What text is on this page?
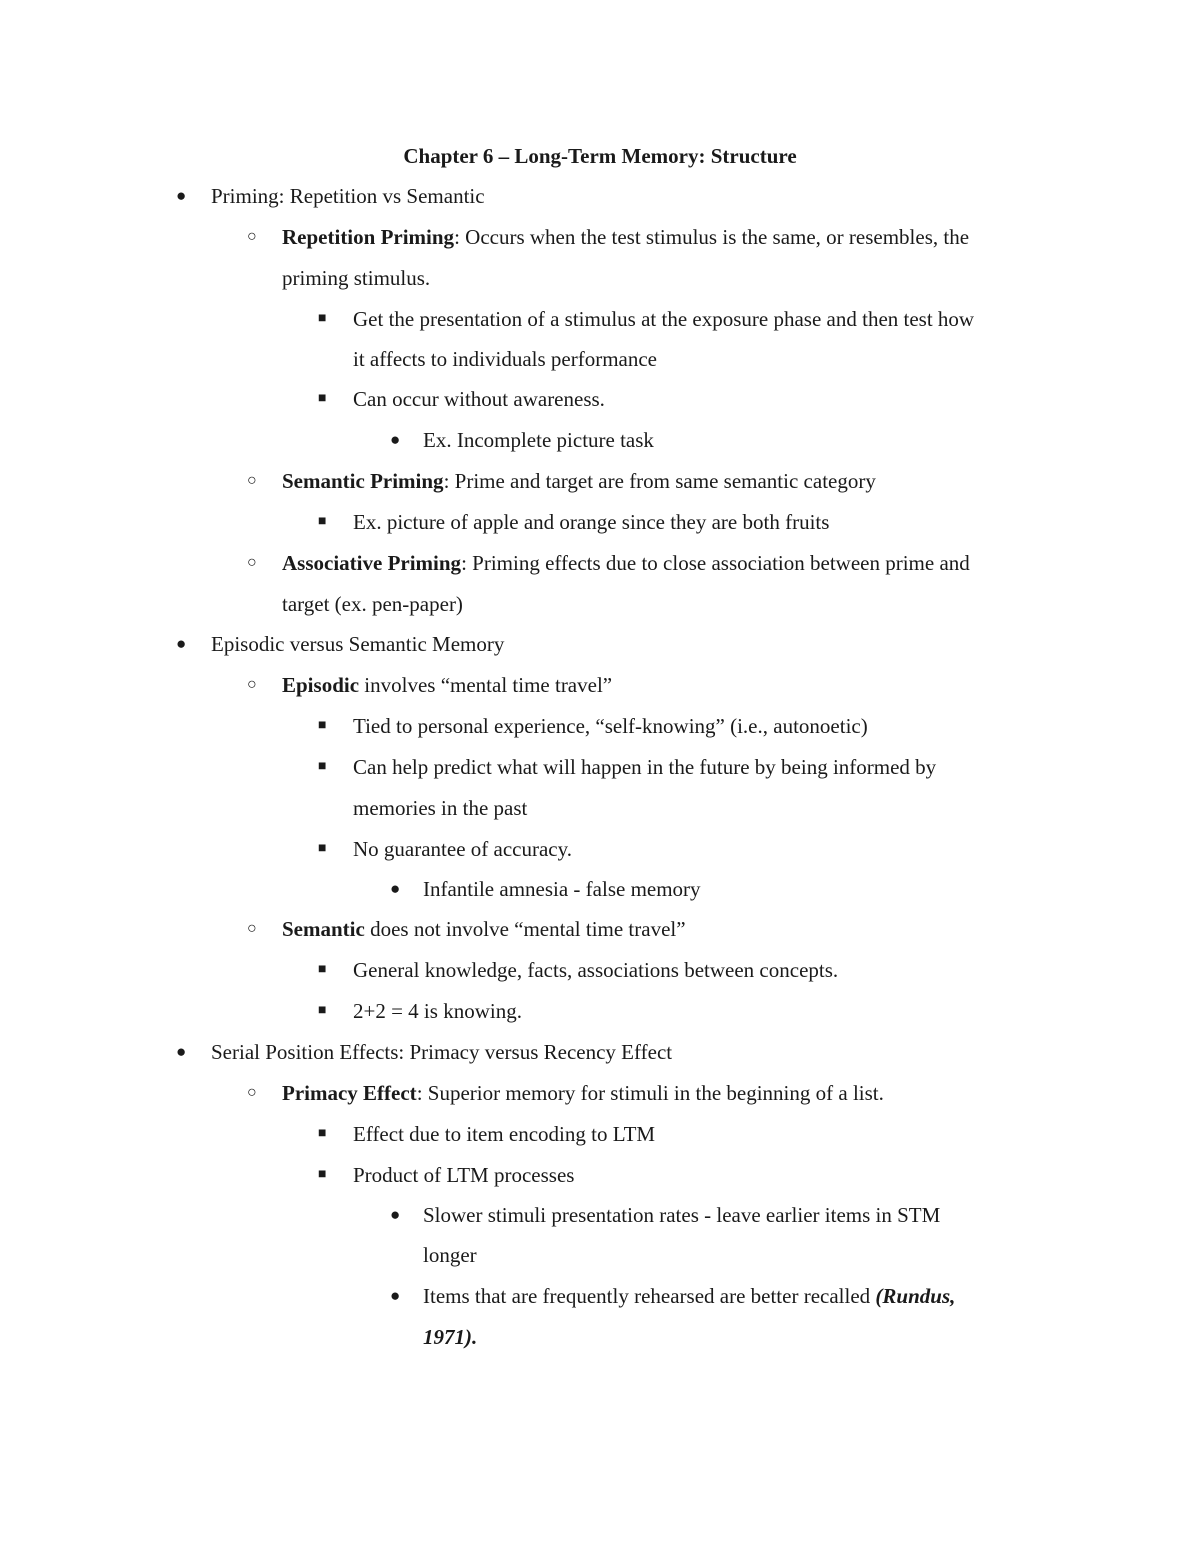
Chapter 6 – Long-Term Memory: Structure
● Priming: Repetition vs Semantic
○ Repetition Priming: Occurs when the test stimulus is the same, or resembles, the
priming stimulus.
■ Get the presentation of a stimulus at the exposure phase and then test how
it affects to individuals performance
■ Can occur without awareness.
● Ex. Incomplete picture task
○ Semantic Priming: Prime and target are from same semantic category
■ Ex. picture of apple and orange since they are both fruits
○ Associative Priming: Priming effects due to close association between prime and
target (ex. pen-paper)
● Episodic versus Semantic Memory
○ Episodic involves “mental time travel”
■ Tied to personal experience, “self-knowing” (i.e., autonoetic)
■ Can help predict what will happen in the future by being informed by
memories in the past
■ No guarantee of accuracy.
● Infantile amnesia - false memory
○ Semantic does not involve “mental time travel”
■ General knowledge, facts, associations between concepts.
■ 2+2 = 4 is knowing.
● Serial Position Effects: Primacy versus Recency Effect
○ Primacy Effect: Superior memory for stimuli in the beginning of a list.
■ Effect due to item encoding to LTM
■ Product of LTM processes
● Slower stimuli presentation rates - leave earlier items in STM
longer
● Items that are frequently rehearsed are better recalled (Rundus,
1971).
